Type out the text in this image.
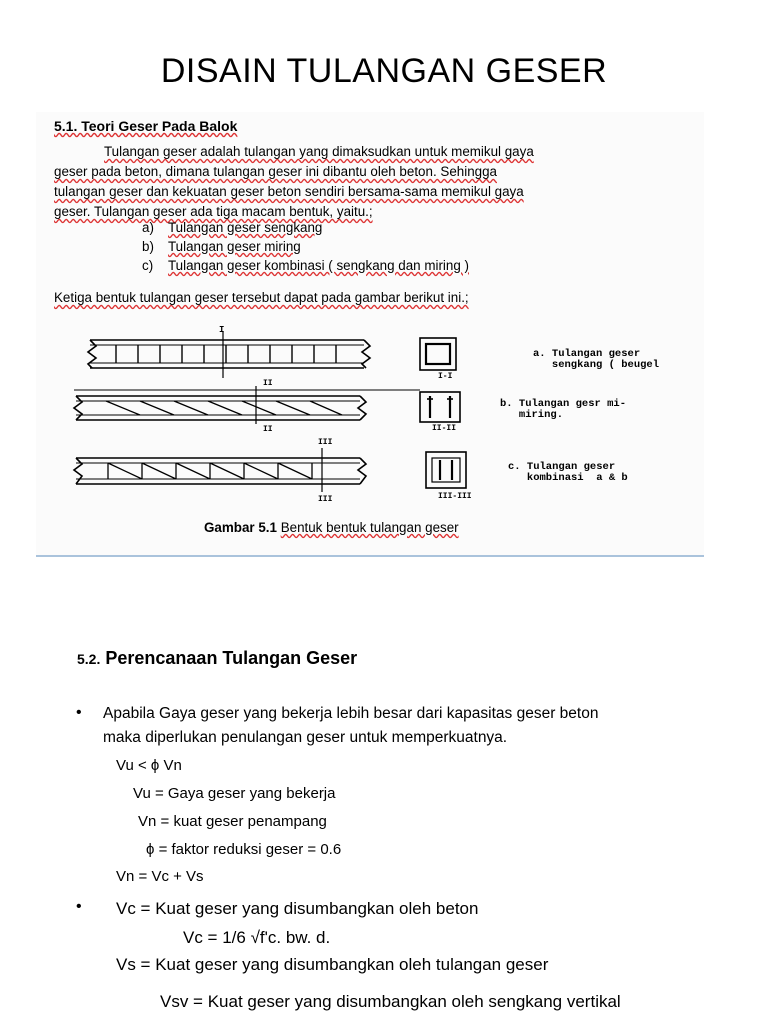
DISAIN TULANGAN GESER
5.1. Teori Geser Pada Balok
Tulangan geser adalah tulangan yang dimaksudkan untuk memikul gaya
geser pada beton, dimana tulangan geser ini dibantu oleh beton. Sehingga
tulangan geser dan kekuatan geser beton sendiri bersama-sama memikul gaya
geser. Tulangan geser ada tiga macam bentuk, yaitu.;
a) Tulangan geser sengkang
b) Tulangan geser miring
c) Tulangan geser kombinasi ( sengkang dan miring )
Ketiga bentuk tulangan geser tersebut dapat pada gambar berikut ini.;
Gambar 5.1 Bentuk bentuk tulangan geser
a. Tulangan geser
sengkang ( beugel
b. Tulangan gesr mi-
miring.
c. Tulangan geser
kombinasi  a & b
I-I
II-II
III-III
I
II
II
III
III
5.2. Perencanaan Tulangan Geser
• Apabila Gaya geser yang bekerja lebih besar dari kapasitas geser beton
maka diperlukan penulangan geser untuk memperkuatnya.
Vu < ϕ Vn
Vu = Gaya geser yang bekerja
Vn = kuat geser penampang
ϕ = faktor reduksi geser = 0.6
Vn = Vc + Vs
• Vc = Kuat geser yang disumbangkan oleh beton
Vc = 1/6 √f'c. bw. d.
Vs = Kuat geser yang disumbangkan oleh tulangan geser
Vsv = Kuat geser yang disumbangkan oleh sengkang vertikal
